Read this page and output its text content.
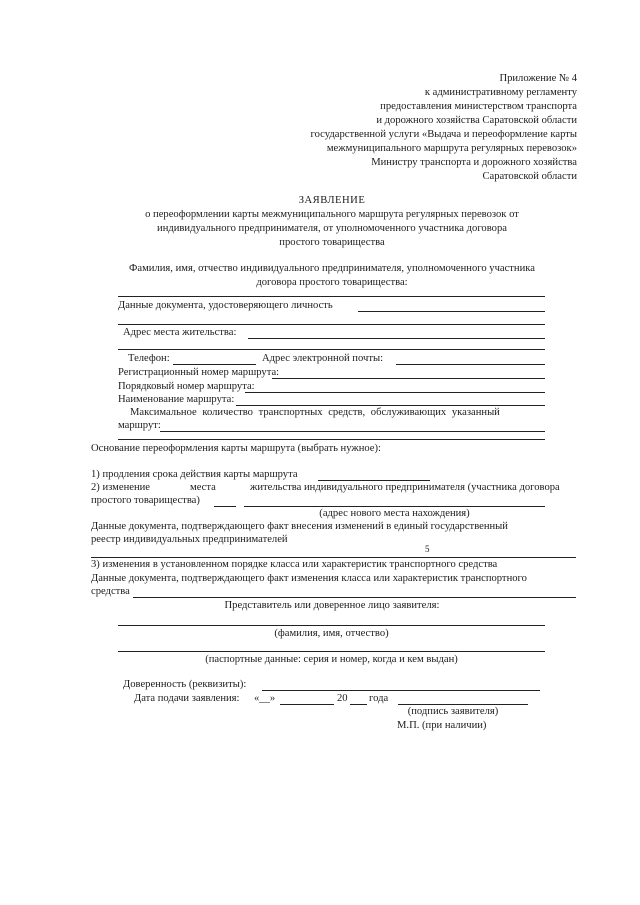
Приложение № 4
к административному регламенту
предоставления министерством транспорта
и дорожного хозяйства Саратовской области
государственной услуги «Выдача и переоформление карты
межмуниципального маршрута регулярных перевозок»
Министру транспорта и дорожного хозяйства
Саратовской области
ЗАЯВЛЕНИЕ
о переоформлении карты межмуниципального маршрута регулярных перевозок от
индивидуального предпринимателя, от уполномоченного участника договора
простого товарищества
Фамилия, имя, отчество индивидуального предпринимателя, уполномоченного участника
договора простого товарищества:
Данные документа, удостоверяющего личность
Адрес места жительства:
Телефон:	Адрес электронной почты:
Регистрационный номер маршрута:
Порядковый номер маршрута:
Наименование маршрута:
Максимальное количество транспортных средств, обслуживающих указанный
маршрут:
Основание переоформления карты маршрута (выбрать нужное):
1) продления срока действия карты маршрута
2) изменение	места	жительства индивидуального предпринимателя (участника договора
простого товарищества)
(адрес нового места нахождения)
Данные документа, подтверждающего факт внесения изменений в единый государственный
реестр индивидуальных предпринимателей
5
3) изменения в установленном порядке класса или характеристик транспортного средства
Данные документа, подтверждающего факт изменения класса или характеристик транспортного
средства
Представитель или доверенное лицо заявителя:
(фамилия, имя, отчество)
(паспортные данные: серия и номер, когда и кем выдан)
Доверенность (реквизиты):
Дата подачи заявления: «__»	20 года
(подпись заявителя)
М.П. (при наличии)
